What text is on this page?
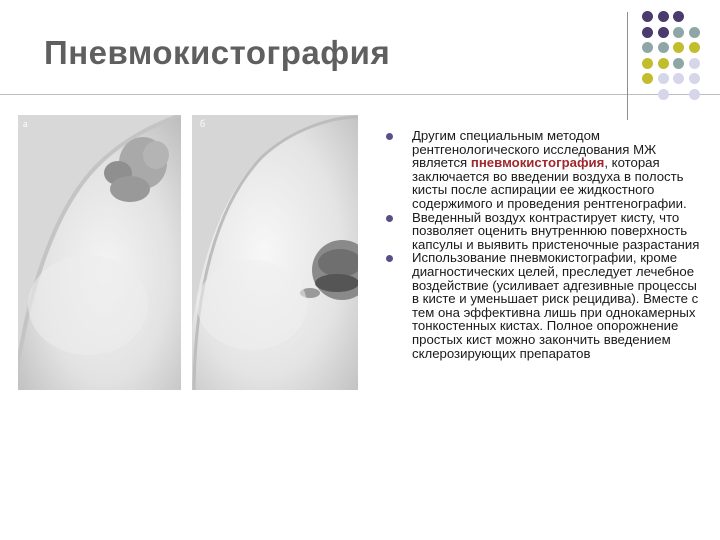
Пневмокистография
а	б
Другим специальным методом рентгенологического исследования МЖ является пневмокистография, которая заключается во введении воздуха в полость кисты после аспирации ее жидкостного содержимого и проведения рентгенографии.
Введенный воздух контрастирует кисту, что позволяет оценить внутреннюю поверхность капсулы и выявить пристеночные разрастания
Использование пневмокистографии, кроме диагностических целей, преследует лечебное воздействие (усиливает адгезивные процессы в кисте и уменьшает риск рецидива). Вместе с тем она эффективна лишь при однокамерных тонкостенных кистах. Полное опорожнение простых кист можно закончить введением склерозирующих препаратов
